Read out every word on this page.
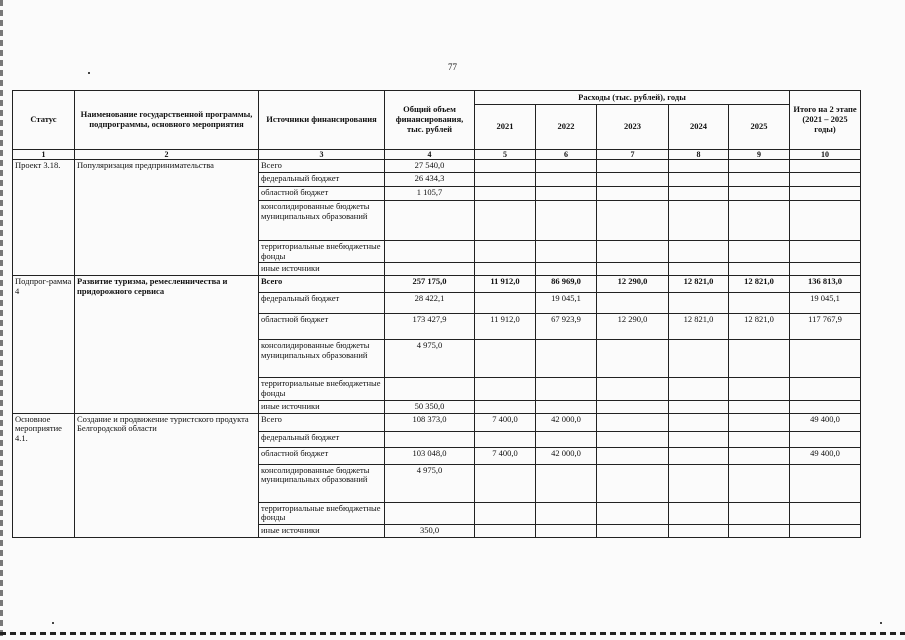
77
Статус	Наименование государственной программы, подпрограммы, основного мероприятия	Источники финансирования	Общий объем финансирования, тыс. рублей	Расходы (тыс. рублей), годы					Итого на 2 этапе (2021 – 2025 годы)
				2021	2022	2023	2024	2025	
1	2	3	4	5	6	7	8	9	10
Проект 3.18.	Популяризация предпринимательства	Всего	27 540,0						
		федеральный бюджет	26 434,3						
		областной бюджет	1 105,7						
		консолидированные бюджеты муниципальных образований							
		территориальные внебюджетные фонды							
		иные источники							
Подпрог-рамма 4	Развитие туризма, ремесленничества и придорожного сервиса	Всего	257 175,0	11 912,0	86 969,0	12 290,0	12 821,0	12 821,0	136 813,0
		федеральный бюджет	28 422,1		19 045,1				19 045,1
		областной бюджет	173 427,9	11 912,0	67 923,9	12 290,0	12 821,0	12 821,0	117 767,9
		консолидированные бюджеты муниципальных образований	4 975,0						
		территориальные внебюджетные фонды							
		иные источники	50 350,0						
Основное мероприятие 4.1.	Создание и продвижение туристского продукта Белгородской области	Всего	108 373,0	7 400,0	42 000,0				49 400,0
		федеральный бюджет							
		областной бюджет	103 048,0	7 400,0	42 000,0				49 400,0
		консолидированные бюджеты муниципальных образований	4 975,0						
		территориальные внебюджетные фонды							
		иные источники	350,0						
